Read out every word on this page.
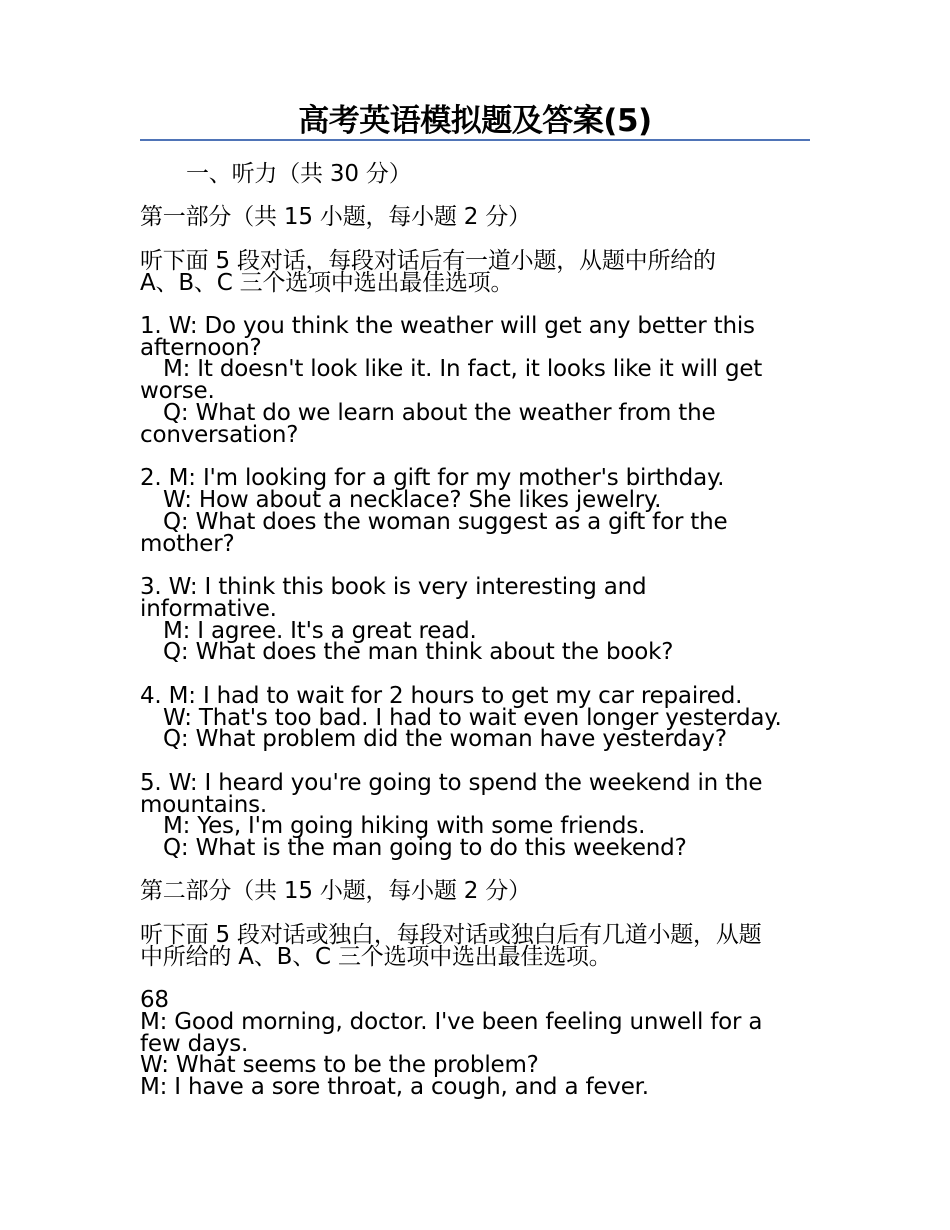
高考英语模拟题及答案(5)
一、听力（共 30 分）
第一部分（共 15 小题，每小题 2 分）
听下面 5 段对话，每段对话后有一道小题，从题中所给的
A、B、C 三个选项中选出最佳选项。
1. W: Do you think the weather will get any better this
afternoon?
M: It doesn't look like it. In fact, it looks like it will get
worse.
Q: What do we learn about the weather from the
conversation?
2. M: I'm looking for a gift for my mother's birthday.
W: How about a necklace? She likes jewelry.
Q: What does the woman suggest as a gift for the
mother?
3. W: I think this book is very interesting and
informative.
M: I agree. It's a great read.
Q: What does the man think about the book?
4. M: I had to wait for 2 hours to get my car repaired.
W: That's too bad. I had to wait even longer yesterday.
Q: What problem did the woman have yesterday?
5. W: I heard you're going to spend the weekend in the
mountains.
M: Yes, I'm going hiking with some friends.
Q: What is the man going to do this weekend?
第二部分（共 15 小题，每小题 2 分）
听下面 5 段对话或独白，每段对话或独白后有几道小题，从题
中所给的 A、B、C 三个选项中选出最佳选项。
68
M: Good morning, doctor. I've been feeling unwell for a
few days.
W: What seems to be the problem?
M: I have a sore throat, a cough, and a fever.
